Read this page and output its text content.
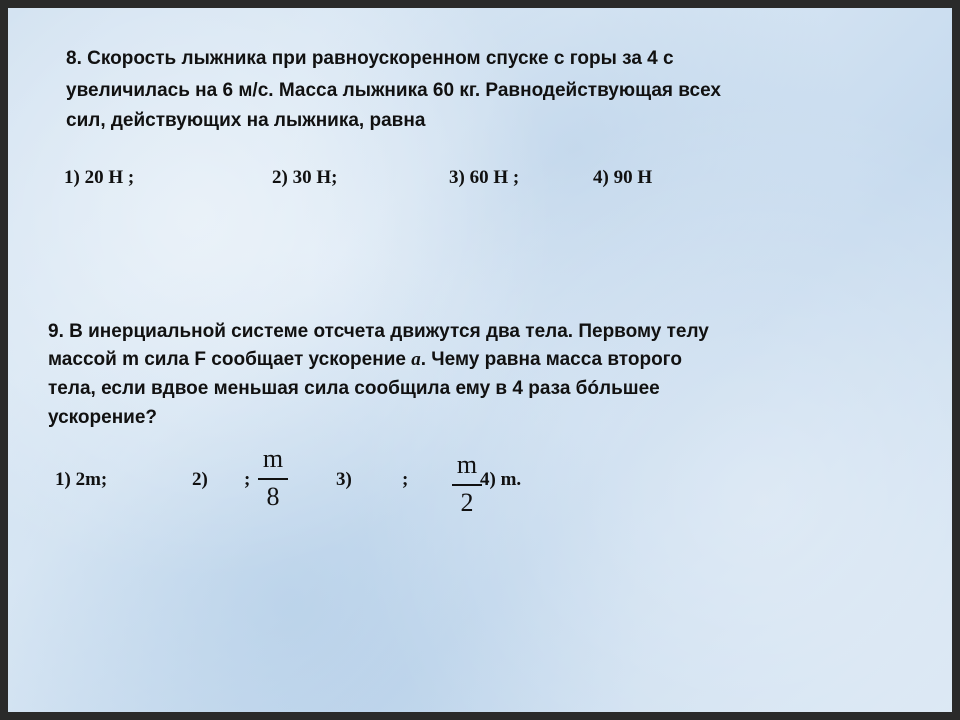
8. Скорость лыжника при равноускоренном спуске с горы за 4 с
увеличилась на 6 м/с. Масса лыжника 60 кг. Равнодействующая всех
сил, действующих на лыжника, равна
1) 20 Н ;	2) 30 Н;	3) 60 Н ;	4) 90 Н
9. В инерциальной системе отсчета движутся два тела. Первому телу
массой m сила F сообщает ускорение a. Чему равна масса второго
тела, если вдвое меньшая сила сообщила ему в 4 раза бóльшее
ускорение?
1) 2m;	2) ;
m
8
3)	;
m
2
4) m.
